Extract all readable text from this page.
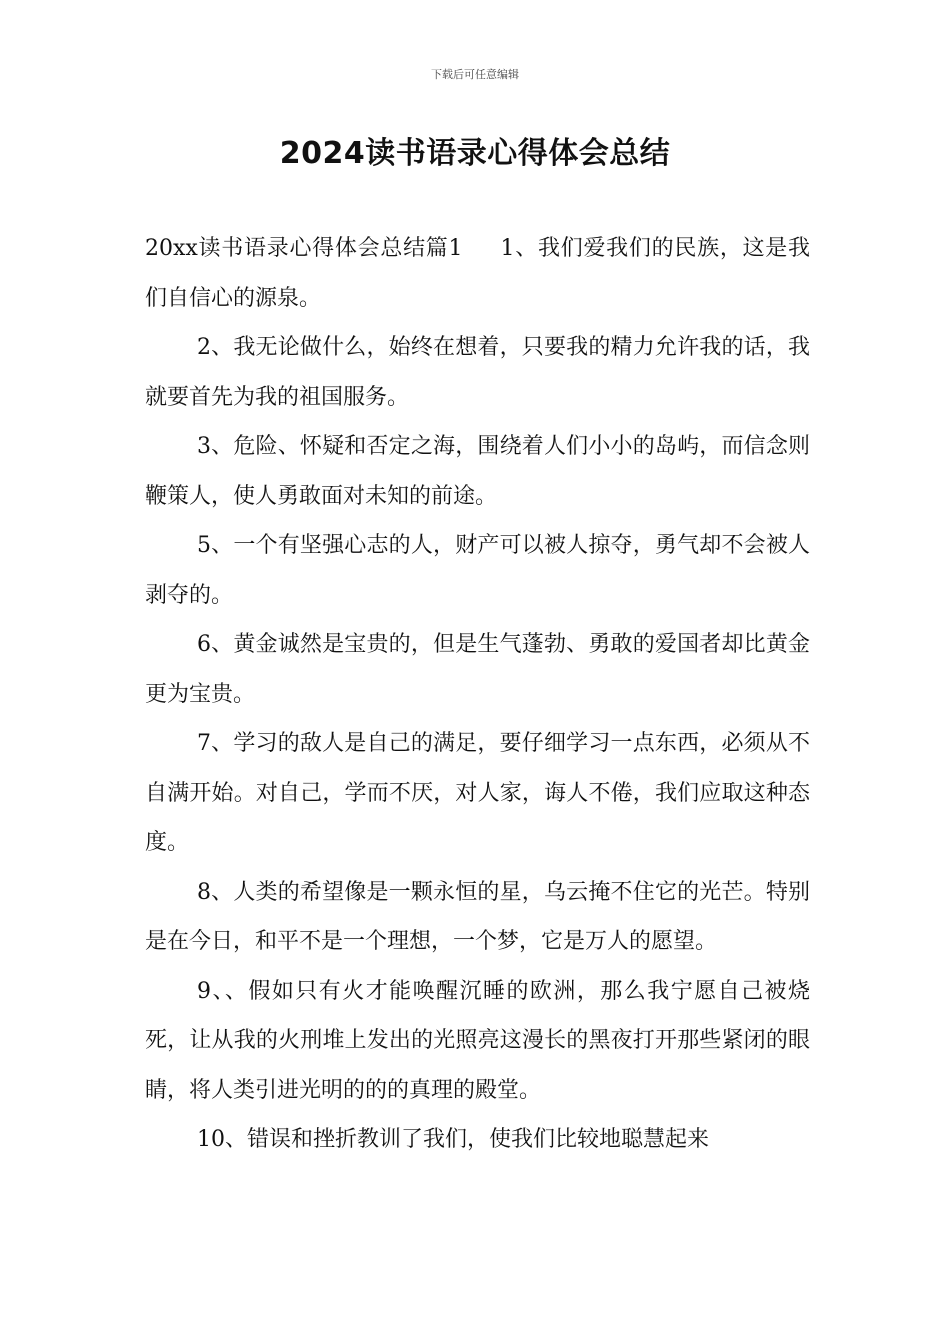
下载后可任意编辑
2024读书语录心得体会总结

20xx读书语录心得体会总结篇1 1、我们爱我们的民族，这是我们自信心的源泉。

2、我无论做什么，始终在想着，只要我的精力允许我的话，我就要首先为我的祖国服务。

3、危险、怀疑和否定之海，围绕着人们小小的岛屿，而信念则鞭策人，使人勇敢面对未知的前途。

5、一个有坚强心志的人，财产可以被人掠夺，勇气却不会被人剥夺的。

6、黄金诚然是宝贵的，但是生气蓬勃、勇敢的爱国者却比黄金更为宝贵。

7、学习的敌人是自己的满足，要仔细学习一点东西，必须从不自满开始。对自己，学而不厌，对人家，诲人不倦，我们应取这种态度。

8、人类的希望像是一颗永恒的星，乌云掩不住它的光芒。特别是在今日，和平不是一个理想，一个梦，它是万人的愿望。

9、、假如只有火才能唤醒沉睡的欧洲，那么我宁愿自己被烧死，让从我的火刑堆上发出的光照亮这漫长的黑夜打开那些紧闭的眼睛，将人类引进光明的的的真理的殿堂。

10、错误和挫折教训了我们，使我们比较地聪慧起来
